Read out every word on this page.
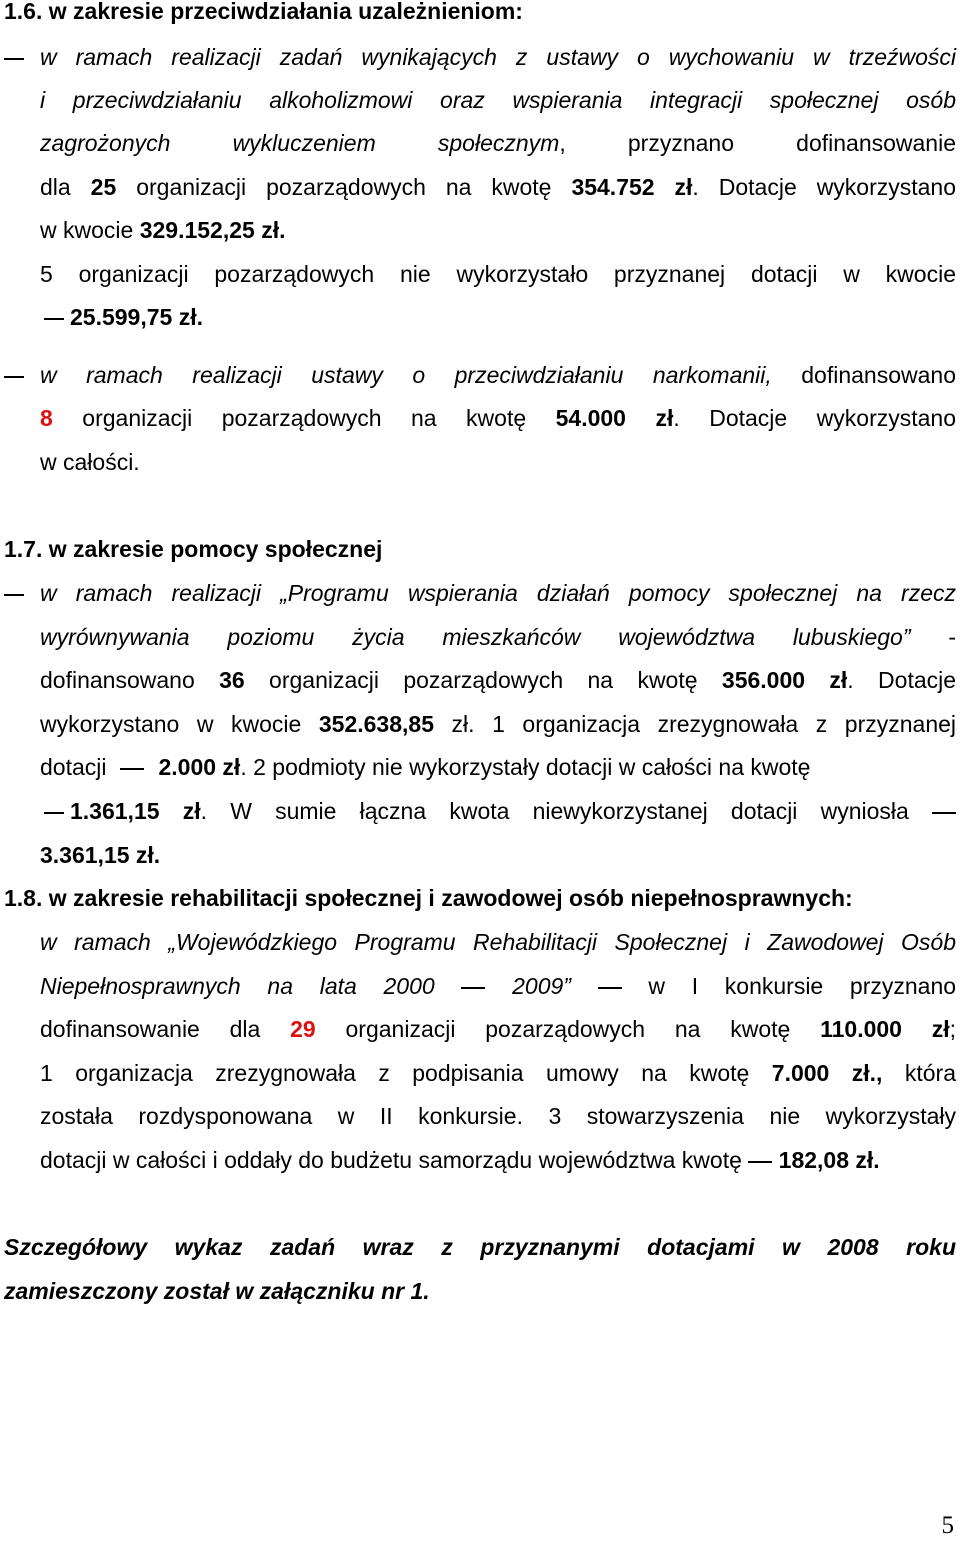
1.6. w zakresie przeciwdziałania uzależnieniom:
w ramach realizacji zadań wynikających z ustawy o wychowaniu w trzeźwości
i przeciwdziałaniu alkoholizmowi oraz wspierania integracji społecznej osób
zagrożonych wykluczeniem społecznym, przyznano dofinansowanie
dla 25 organizacji pozarządowych na kwotę 354.752 zł. Dotacje wykorzystano
w kwocie 329.152,25 zł.
5 organizacji pozarządowych nie wykorzystało przyznanej dotacji w kwocie
25.599,75 zł.
w ramach realizacji ustawy o przeciwdziałaniu narkomanii, dofinansowano
8 organizacji pozarządowych na kwotę 54.000 zł. Dotacje wykorzystano
w całości.
1.7. w zakresie pomocy społecznej
w ramach realizacji „Programu wspierania działań pomocy społecznej na rzecz
wyrównywania poziomu życia mieszkańców województwa lubuskiego” -
dofinansowano 36 organizacji pozarządowych na kwotę 356.000 zł. Dotacje
wykorzystano w kwocie 352.638,85 zł. 1 organizacja zrezygnowała z przyznanej
dotacji 2.000 zł. 2 podmioty nie wykorzystały dotacji w całości na kwotę
1.361,15 zł. W sumie łączna kwota niewykorzystanej dotacji wyniosła
3.361,15 zł.
1.8. w zakresie rehabilitacji społecznej i zawodowej osób niepełnosprawnych:
w ramach „Wojewódzkiego Programu Rehabilitacji Społecznej i Zawodowej Osób
Niepełnosprawnych na lata 2000	2009”	w I konkursie przyznano
dofinansowanie dla 29 organizacji pozarządowych na kwotę 110.000 zł;
1 organizacja zrezygnowała z podpisania umowy na kwotę 7.000 zł., która
została rozdysponowana w II konkursie. 3 stowarzyszenia nie wykorzystały
dotacji w całości i oddały do budżetu samorządu województwa kwotę 182,08 zł.
Szczegółowy wykaz zadań wraz z przyznanymi dotacjami w 2008 roku
zamieszczony został w załączniku nr 1.
5
